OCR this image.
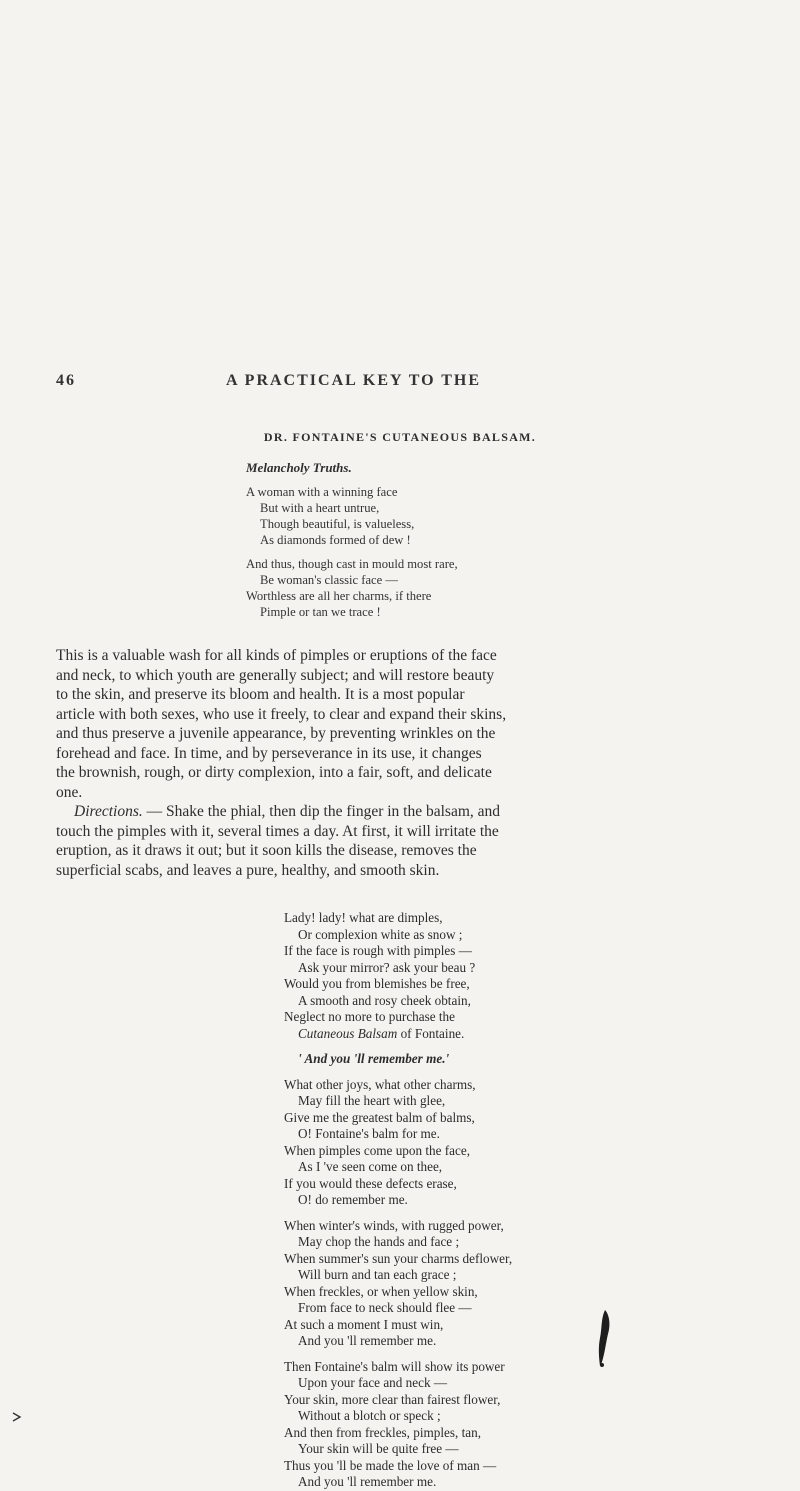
46	A PRACTICAL KEY TO THE
DR. FONTAINE'S CUTANEOUS BALSAM.
Melancholy Truths.
A woman with a winning face
But with a heart untrue,
Though beautiful, is valueless,
As diamonds formed of dew !
And thus, though cast in mould most rare,
Be woman's classic face —
Worthless are all her charms, if there
Pimple or tan we trace !
This is a valuable wash for all kinds of pimples or eruptions of the face
and neck, to which youth are generally subject; and will restore beauty
to the skin, and preserve its bloom and health. It is a most popular
article with both sexes, who use it freely, to clear and expand their skins,
and thus preserve a juvenile appearance, by preventing wrinkles on the
forehead and face. In time, and by perseverance in its use, it changes
the brownish, rough, or dirty complexion, into a fair, soft, and delicate
one.
Directions. — Shake the phial, then dip the finger in the balsam, and
touch the pimples with it, several times a day. At first, it will irritate the
eruption, as it draws it out; but it soon kills the disease, removes the
superficial scabs, and leaves a pure, healthy, and smooth skin.
Lady! lady! what are dimples,
Or complexion white as snow ;
If the face is rough with pimples —
Ask your mirror? ask your beau ?
Would you from blemishes be free,
A smooth and rosy cheek obtain,
Neglect no more to purchase the
Cutaneous Balsam of Fontaine.
' And you 'll remember me.'
What other joys, what other charms,
May fill the heart with glee,
Give me the greatest balm of balms,
O! Fontaine's balm for me.
When pimples come upon the face,
As I 've seen come on thee,
If you would these defects erase,
O! do remember me.
When winter's winds, with rugged power,
May chop the hands and face ;
When summer's sun your charms deflower,
Will burn and tan each grace ;
When freckles, or when yellow skin,
From face to neck should flee —
At such a moment I must win,
And you 'll remember me.
Then Fontaine's balm will show its power
Upon your face and neck —
Your skin, more clear than fairest flower,
Without a blotch or speck ;
And then from freckles, pimples, tan,
Your skin will be quite free —
Thus you 'll be made the love of man —
And you 'll remember me.
